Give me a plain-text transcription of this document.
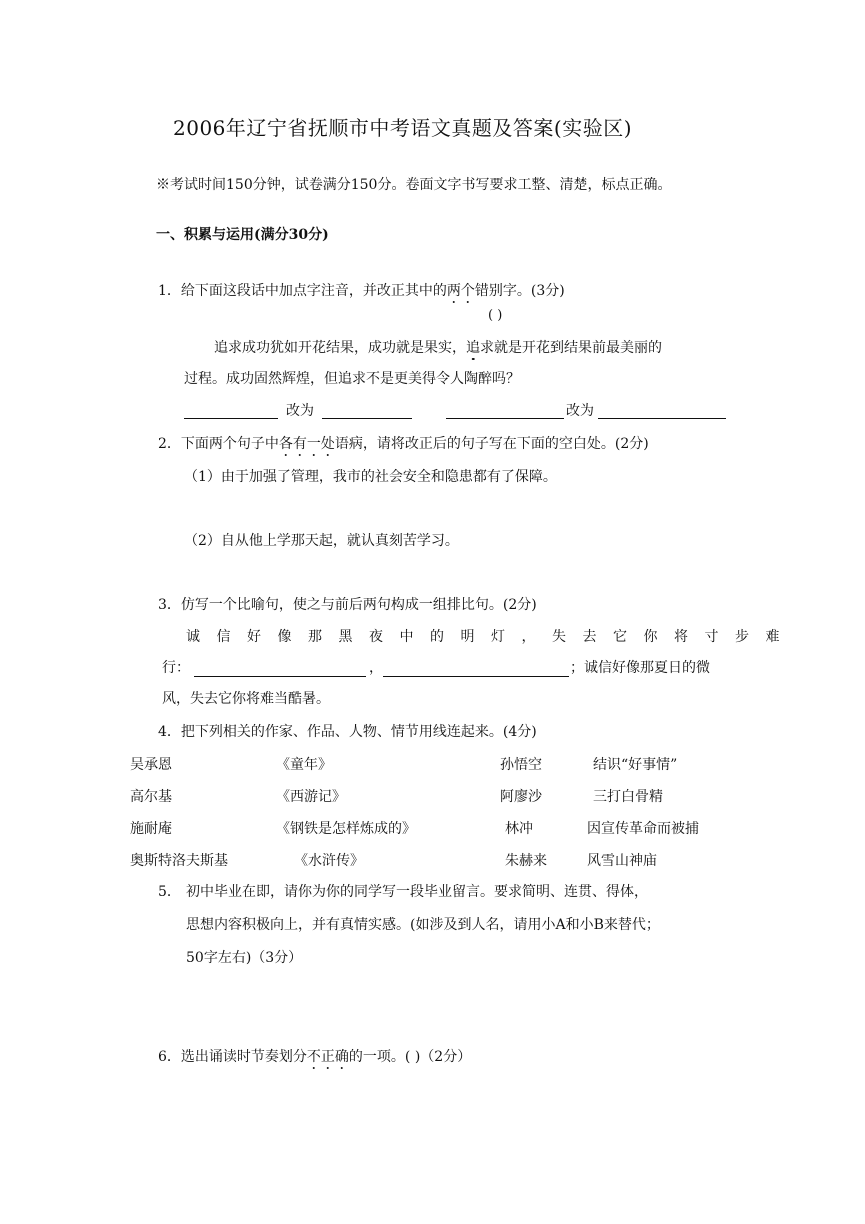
2006年辽宁省抚顺市中考语文真题及答案(实验区)
※考试时间150分钟，试卷满分150分。卷面文字书写要求工整、清楚，标点正确。
一、积累与运用(满分30分)
1．给下面这段话中加点字注音，并改正其中的两个错别字。(3分)
( )
追求成功犹如开花结果，成功就是果实，追求就是开花到结果前最美丽的
过程。成功固然辉煌，但追求不是更美得令人陶醉吗？
改为	改为
2．下面两个句子中各有一处语病，请将改正后的句子写在下面的空白处。(2分)
（1）由于加强了管理，我市的社会安全和隐患都有了保障。
（2）自从他上学那天起，就认真刻苦学习。
3．仿写一个比喻句，使之与前后两句构成一组排比句。(2分)
诚信好像那黑夜中的明灯，失去它你将寸步难
行：	，	；诚信好像那夏日的微
风，失去它你将难当酷暑。
4．把下列相关的作家、作品、人物、情节用线连起来。(4分)
吴承恩	《童年》	孙悟空	结识“好事情”
高尔基	《西游记》	阿廖沙	三打白骨精
施耐庵	《钢铁是怎样炼成的》	林冲	因宣传革命而被捕
奥斯特洛夫斯基	《水浒传》	朱赫来	风雪山神庙
5． 初中毕业在即，请你为你的同学写一段毕业留言。要求简明、连贯、得体，
思想内容积极向上，并有真情实感。(如涉及到人名，请用小A和小B来替代；
50字左右)（3分）
6．选出诵读时节奏划分不正确的一项。( )（2分）
